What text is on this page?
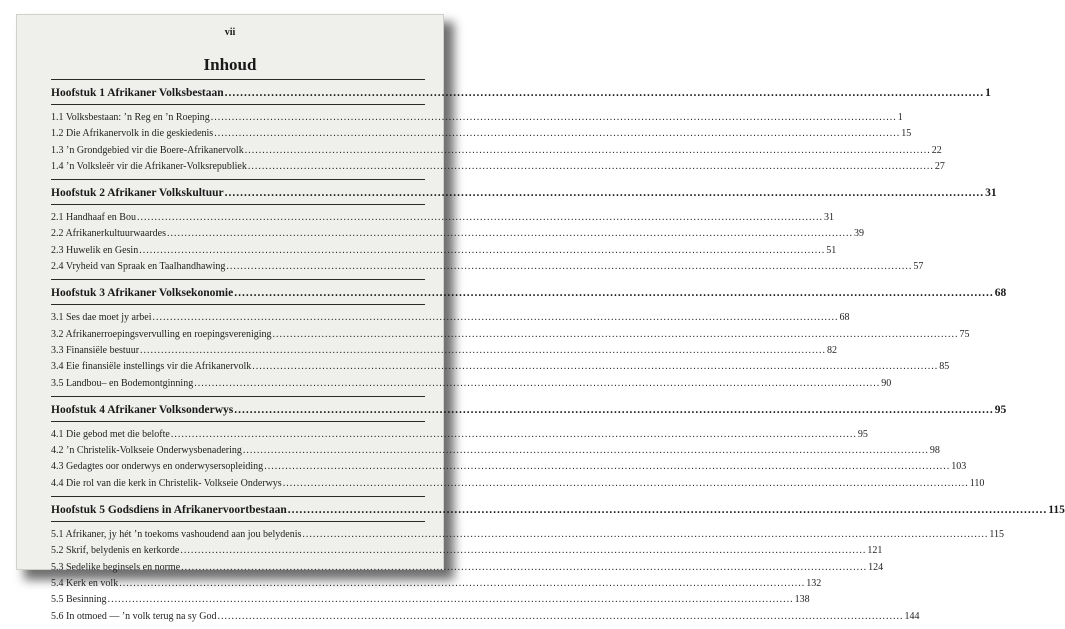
vii
Inhoud
Hoofstuk 1 Afrikaner Volksbestaan .....	1
1.1 Volksbestaan: ’n Reg en ’n Roeping .....	1
1.2 Die Afrikanervolk in die geskiedenis .....	15
1.3 ’n Grondgebied vir die Boere-Afrikanervolk .....	22
1.4 ’n Volksleër vir die Afrikaner-Volksrepubliek .....	27
Hoofstuk 2 Afrikaner Volkskultuur .....	31
2.1 Handhaaf en Bou .....	31
2.2 Afrikanerkultuurwaardes .....	39
2.3 Huwelik en Gesin .....	51
2.4 Vryheid van Spraak en Taalhandhawing .....	57
Hoofstuk 3 Afrikaner Volksekonomie .....	68
3.1 Ses dae moet jy arbei .....	68
3.2 Afrikanerroepingsvervulling en roepingsvereniging .....	75
3.3 Finansiële bestuur .....	82
3.4 Eie finansiële instellings vir die Afrikanervolk .....	85
3.5 Landbou– en Bodemontginning .....	90
Hoofstuk 4 Afrikaner Volksonderwys .....	95
4.1 Die gebod met die belofte .....	95
4.2 ’n Christelik-Volkseie Onderwysbenadering .....	98
4.3 Gedagtes oor onderwys en onderwysersopleiding .....	103
4.4 Die rol van die kerk in Christelik- Volkseie Onderwys .....	110
Hoofstuk 5 Godsdiens in Afrikanervoortbestaan .....	115
5.1 Afrikaner, jy hét ’n toekoms vashoudend aan jou belydenis .....	115
5.2 Skrif, belydenis en kerkorde .....	121
5.3 Sedelike beginsels en norme .....	124
5.4 Kerk en volk .....	132
5.5 Besinning .....	138
5.6 In otmoed — ’n volk terug na sy God .....	144
